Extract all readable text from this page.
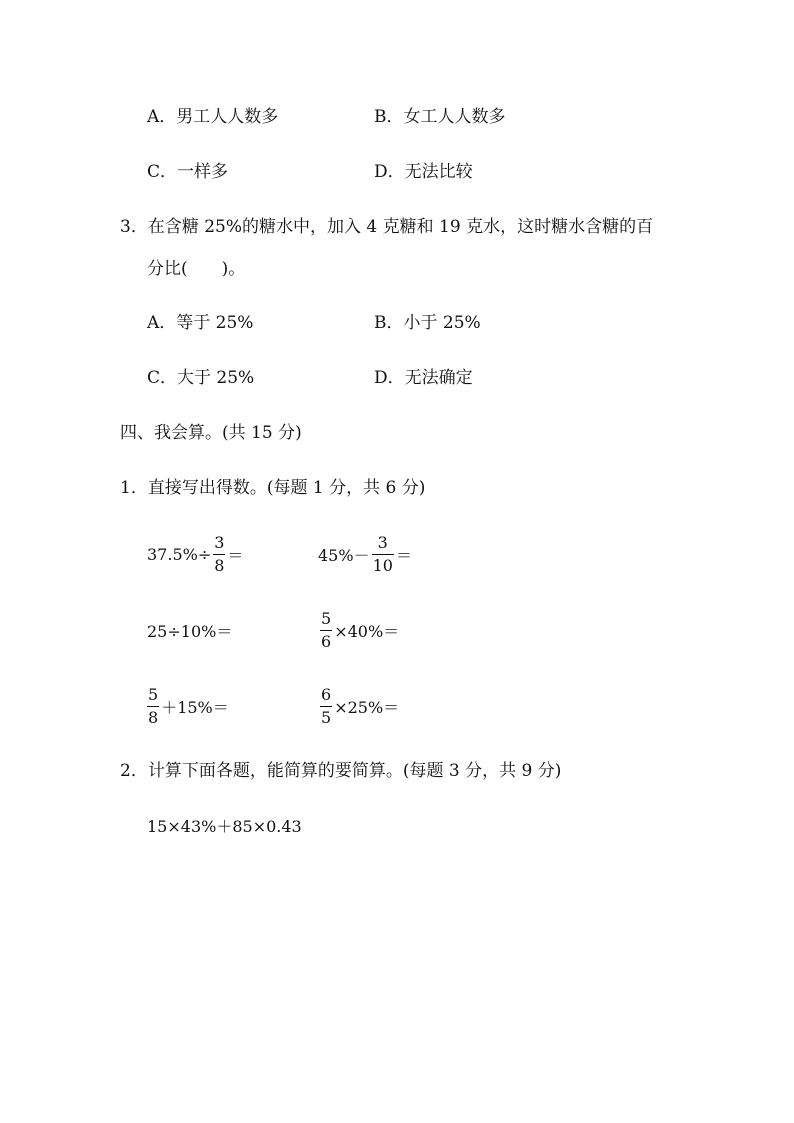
A．男工人人数多	B．女工人人数多
C．一样多	D．无法比较
3．在含糖 25%的糖水中，加入 4 克糖和 19 克水，这时糖水含糖的百
分比(　　)。
A．等于 25%	B．小于 25%
C．大于 25%	D．无法确定
四、我会算。(共 15 分)
1．直接写出得数。(每题 1 分，共 6 分)
$37.5\%\div \frac{3}{8}$ ＝	$45\%- \frac{3}{10}$ ＝
25÷10%＝	$\frac{5}{6} \times 40\%=$
$\frac{5}{8} +15\%=$	$\frac{6}{5} \times 25\%=$
2．计算下面各题，能简算的要简算。(每题 3 分，共 9 分)
15×43%＋85×0.43
